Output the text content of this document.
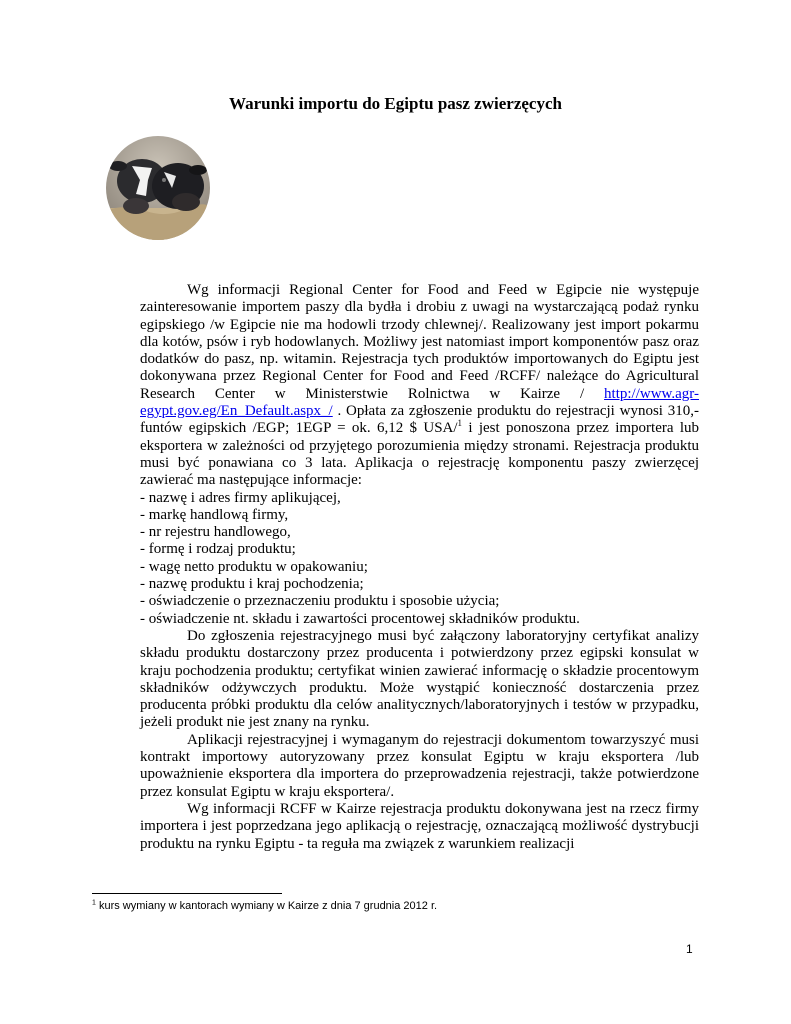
Warunki importu do Egiptu pasz zwierzęcych

Wg informacji Regional Center for Food and Feed w Egipcie nie występuje zainteresowanie importem paszy dla bydła i drobiu z uwagi na wystarczającą podaż rynku egipskiego /w Egipcie nie ma hodowli trzody chlewnej/. Realizowany jest import pokarmu dla kotów, psów i ryb hodowlanych. Możliwy jest natomiast import komponentów pasz oraz dodatków do pasz, np. witamin. Rejestracja tych produktów importowanych do Egiptu jest dokonywana przez Regional Center for Food and Feed /RCFF/ należące do Agricultural Research Center w Ministerstwie Rolnictwa w Kairze / http://www.agr-egypt.gov.eg/En_Default.aspx_/ . Opłata za zgłoszenie produktu do rejestracji wynosi 310,- funtów egipskich /EGP; 1EGP = ok. 6,12 $ USA/$^1$ i jest ponoszona przez importera lub eksportera w zależności od przyjętego porozumienia między stronami. Rejestracja produktu musi być ponawiana co 3 lata. Aplikacja o rejestrację komponentu paszy zwierzęcej zawierać ma następujące informacje:

- nazwę i adres firmy aplikującej,
- markę handlową firmy,
- nr rejestru handlowego,
- formę i rodzaj produktu;
- wagę netto produktu w opakowaniu;
- nazwę produktu i kraj pochodzenia;
- oświadczenie o przeznaczeniu produktu i sposobie użycia;
- oświadczenie nt. składu i zawartości procentowej składników produktu.

Do zgłoszenia rejestracyjnego musi być załączony laboratoryjny certyfikat analizy składu produktu dostarczony przez producenta i potwierdzony przez egipski konsulat w kraju pochodzenia produktu; certyfikat winien zawierać informację o składzie procentowym składników odżywczych produktu. Może wystąpić konieczność dostarczenia przez producenta próbki produktu dla celów analitycznych/laboratoryjnych i testów w przypadku, jeżeli produkt nie jest znany na rynku.

Aplikacji rejestracyjnej i wymaganym do rejestracji dokumentom towarzyszyć musi kontrakt importowy autoryzowany przez konsulat Egiptu w kraju eksportera /lub upoważnienie eksportera dla importera do przeprowadzenia rejestracji, także potwierdzone przez konsulat Egiptu w kraju eksportera/.

Wg informacji RCFF w Kairze rejestracja produktu dokonywana jest na rzecz firmy importera i jest poprzedzana jego aplikacją o rejestrację, oznaczającą możliwość dystrybucji produktu na rynku Egiptu - ta reguła ma związek z warunkiem realizacji

$^1$ kurs wymiany w kantorach wymiany w Kairze z dnia 7 grudnia 2012 r.
1
